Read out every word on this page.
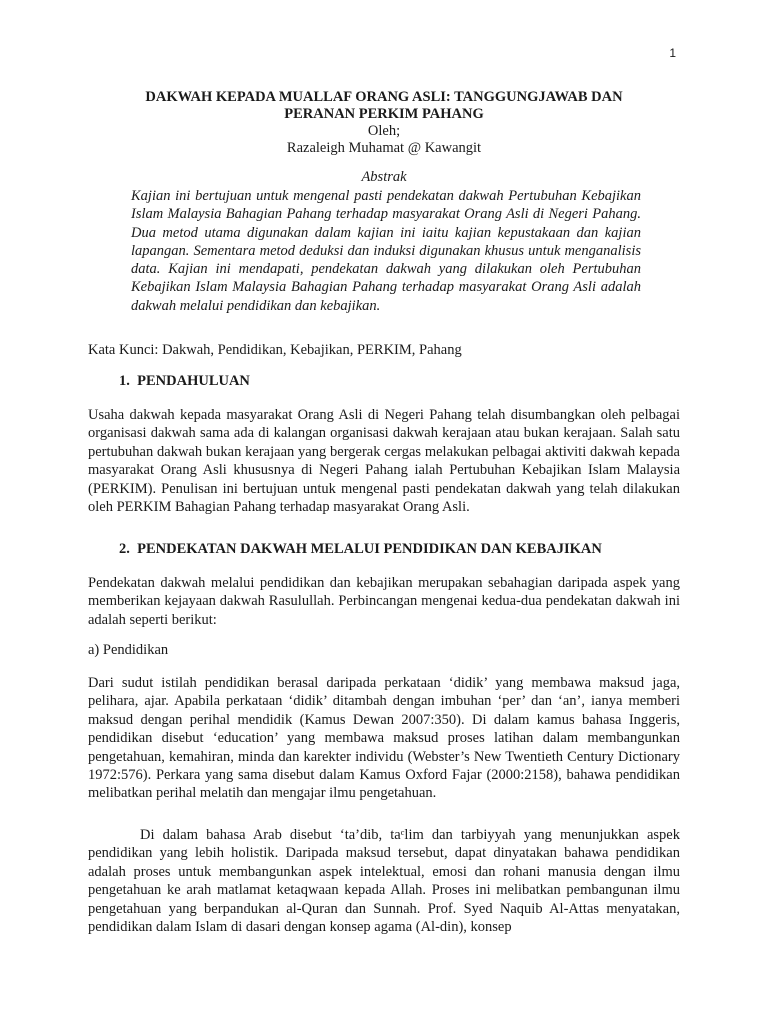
1
DAKWAH KEPADA MUALLAF ORANG ASLI: TANGGUNGJAWAB DAN
PERANAN PERKIM PAHANG
Oleh;
Razaleigh Muhamat @ Kawangit
Abstrak
Kajian ini bertujuan untuk mengenal pasti pendekatan dakwah Pertubuhan Kebajikan Islam Malaysia Bahagian Pahang terhadap masyarakat Orang Asli di Negeri Pahang. Dua metod utama digunakan dalam kajian ini iaitu kajian kepustakaan dan kajian lapangan. Sementara metod deduksi dan induksi digunakan khusus untuk menganalisis data. Kajian ini mendapati, pendekatan dakwah yang dilakukan oleh Pertubuhan Kebajikan Islam Malaysia Bahagian Pahang terhadap masyarakat Orang Asli adalah dakwah melalui pendidikan dan kebajikan.
Kata Kunci: Dakwah, Pendidikan, Kebajikan, PERKIM, Pahang
1.  PENDAHULUAN
Usaha dakwah kepada masyarakat Orang Asli di Negeri Pahang telah disumbangkan oleh pelbagai organisasi dakwah sama ada di kalangan organisasi dakwah kerajaan atau bukan kerajaan. Salah satu pertubuhan dakwah bukan kerajaan yang bergerak cergas melakukan pelbagai aktiviti dakwah kepada masyarakat Orang Asli khususnya di Negeri Pahang ialah Pertubuhan Kebajikan Islam Malaysia (PERKIM). Penulisan ini bertujuan untuk mengenal pasti pendekatan dakwah yang telah dilakukan oleh PERKIM Bahagian Pahang terhadap masyarakat Orang Asli.
2.  PENDEKATAN DAKWAH MELALUI PENDIDIKAN DAN KEBAJIKAN
Pendekatan dakwah melalui pendidikan dan kebajikan merupakan sebahagian daripada aspek yang memberikan kejayaan dakwah Rasulullah. Perbincangan mengenai kedua-dua pendekatan dakwah ini adalah seperti berikut:
a) Pendidikan
Dari sudut istilah pendidikan berasal daripada perkataan ‘didik’ yang membawa maksud jaga, pelihara, ajar. Apabila perkataan ‘didik’ ditambah dengan imbuhan ‘per’ dan ‘an’, ianya memberi maksud dengan perihal mendidik (Kamus Dewan 2007:350). Di dalam kamus bahasa Inggeris, pendidikan disebut ‘education’ yang membawa maksud proses latihan dalam membangunkan pengetahuan, kemahiran, minda dan karekter individu (Webster’s New Twentieth Century Dictionary 1972:576). Perkara yang sama disebut dalam Kamus Oxford Fajar (2000:2158), bahawa pendidikan melibatkan perihal melatih dan mengajar ilmu pengetahuan.
Di dalam bahasa Arab disebut ‘ta’dib, taᶜlim dan tarbiyyah yang menunjukkan aspek pendidikan yang lebih holistik. Daripada maksud tersebut, dapat dinyatakan bahawa pendidikan adalah proses untuk membangunkan aspek intelektual, emosi dan rohani manusia dengan ilmu pengetahuan ke arah matlamat ketaqwaan kepada Allah. Proses ini melibatkan pembangunan ilmu pengetahuan yang berpandukan al-Quran dan Sunnah. Prof. Syed Naquib Al-Attas menyatakan, pendidikan dalam Islam di dasari dengan konsep agama (Al-din), konsep
